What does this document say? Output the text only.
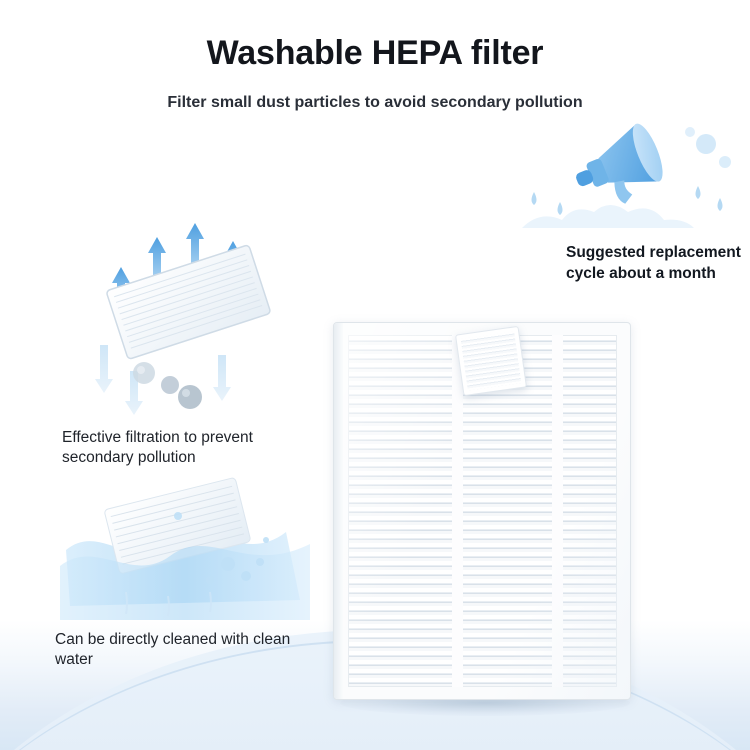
Washable HEPA filter
Filter small dust particles to avoid secondary pollution
Effective filtration to prevent secondary pollution
Can be directly cleaned with clean water
Suggested replacement cycle about a month
